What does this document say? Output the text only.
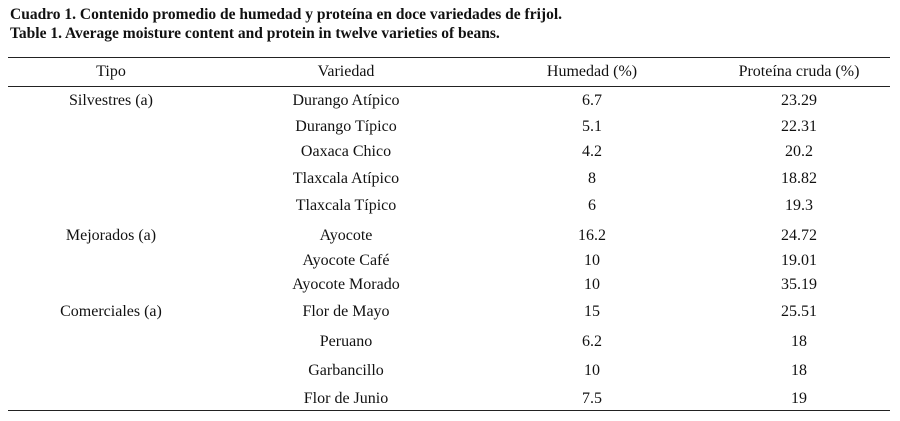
Cuadro 1. Contenido promedio de humedad y proteína en doce variedades de frijol.
Table 1. Average moisture content and protein in twelve varieties of beans.
Tipo	Variedad	Humedad (%)	Proteína cruda (%)
Silvestres (a)	Durango Atípico	6.7	23.29
Durango Típico	5.1	22.31
Oaxaca Chico	4.2	20.2
Tlaxcala Atípico	8	18.82
Tlaxcala Típico	6	19.3
Mejorados (a)	Ayocote	16.2	24.72
Ayocote Café	10	19.01
Ayocote Morado	10	35.19
Comerciales (a)	Flor de Mayo	15	25.51
Peruano	6.2	18
Garbancillo	10	18
Flor de Junio	7.5	19
